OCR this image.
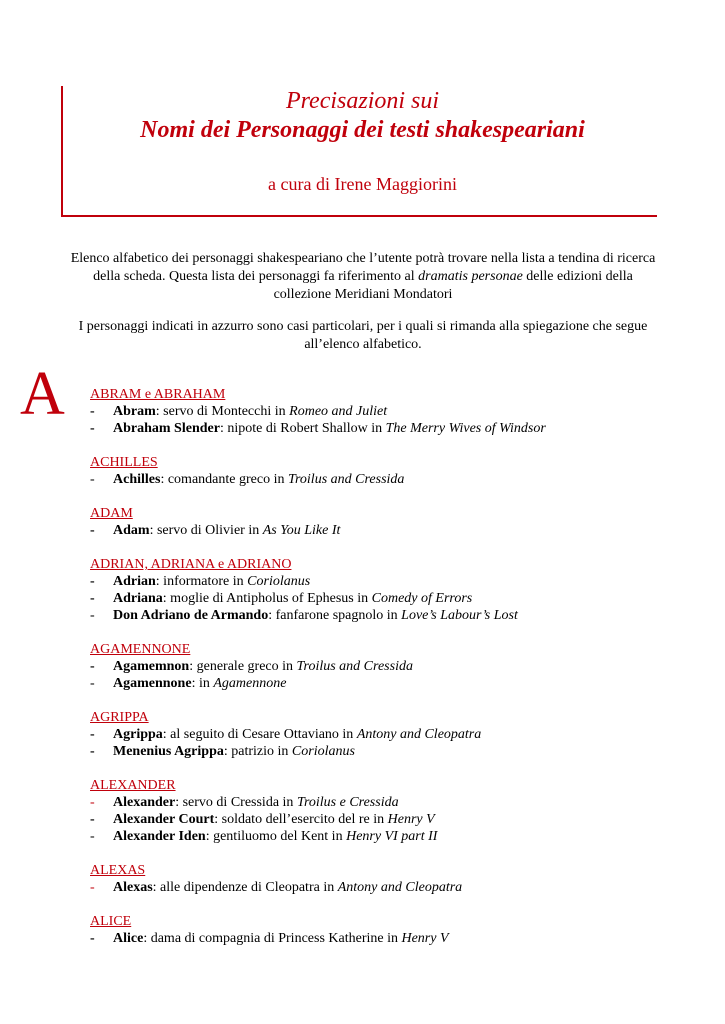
Precisazioni sui
Nomi dei Personaggi dei testi shakespeariani
a cura di Irene Maggiorini

Elenco alfabetico dei personaggi shakespeariano che l’utente potrà trovare nella lista a tendina di ricerca della scheda. Questa lista dei personaggi fa riferimento al dramatis personae delle edizioni della collezione Meridiani Mondatori

I personaggi indicati in azzurro sono casi particolari, per i quali si rimanda alla spiegazione che segue all’elenco alfabetico.

A ABRAM e ABRAHAM
- Abram: servo di Montecchi in Romeo and Juliet
- Abraham Slender: nipote di Robert Shallow in The Merry Wives of Windsor
ACHILLES
- Achilles: comandante greco in Troilus and Cressida
ADAM
- Adam: servo di Olivier in As You Like It
ADRIAN, ADRIANA e ADRIANO
- Adrian: informatore in Coriolanus
- Adriana: moglie di Antipholus of Ephesus in Comedy of Errors
- Don Adriano de Armando: fanfarone spagnolo in Love’s Labour’s Lost
AGAMENNONE
- Agamemnon: generale greco in Troilus and Cressida
- Agamennone: in Agamennone
AGRIPPA
- Agrippa: al seguito di Cesare Ottaviano in Antony and Cleopatra
- Menenius Agrippa: patrizio in Coriolanus
ALEXANDER
- Alexander: servo di Cressida in Troilus e Cressida
- Alexander Court: soldato dell’esercito del re in Henry V
- Alexander Iden: gentiluomo del Kent in Henry VI part II
ALEXAS
- Alexas: alle dipendenze di Cleopatra in Antony and Cleopatra
ALICE
- Alice: dama di compagnia di Princess Katherine in Henry V
